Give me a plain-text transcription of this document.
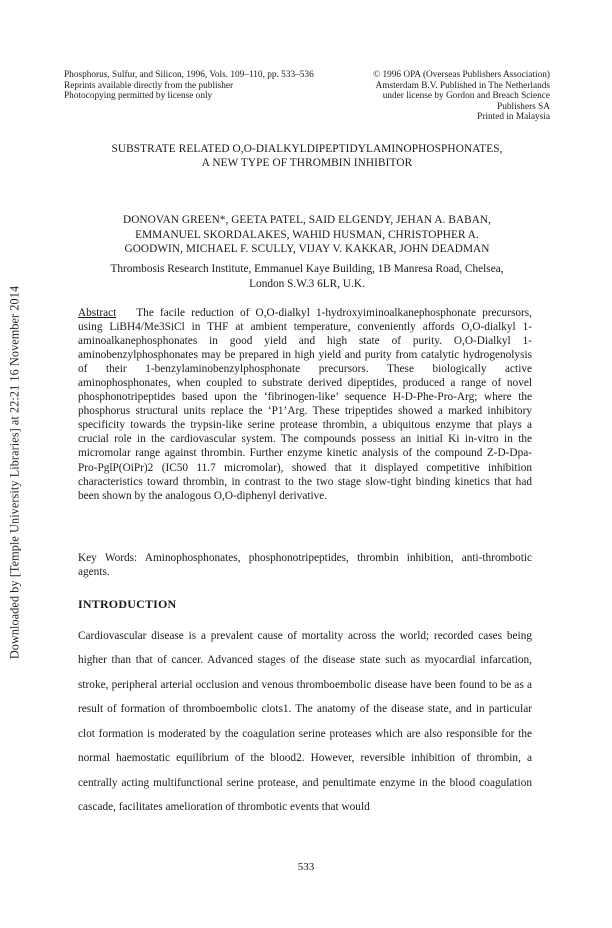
Downloaded by [Temple University Libraries] at 22:21 16 November 2014
Phosphorus, Sulfur, and Silicon, 1996, Vols. 109–110, pp. 533–536
Reprints available directly from the publisher
Photocopying permitted by license only
© 1996 OPA (Overseas Publishers Association)
Amsterdam B.V. Published in The Netherlands
under license by Gordon and Breach Science
Publishers SA
Printed in Malaysia
SUBSTRATE RELATED O,O-DIALKYLDIPEPTIDYLAMINOPHOSPHONATES,
A NEW TYPE OF THROMBIN INHIBITOR
DONOVAN GREEN*, GEETA PATEL, SAID ELGENDY, JEHAN A. BABAN,
EMMANUEL SKORDALAKES, WAHID HUSMAN, CHRISTOPHER A.
GOODWIN, MICHAEL F. SCULLY, VIJAY V. KAKKAR, JOHN DEADMAN
Thrombosis Research Institute, Emmanuel Kaye Building, 1B Manresa Road, Chelsea,
London S.W.3 6LR, U.K.
Abstract The facile reduction of O,O-dialkyl 1-hydroxyiminoalkanephosphonate precursors, using LiBH4/Me3SiCl in THF at ambient temperature, conveniently affords O,O-dialkyl 1-aminoalkanephosphonates in good yield and high state of purity. O,O-Dialkyl 1-aminobenzylphosphonates may be prepared in high yield and purity from catalytic hydrogenolysis of their 1-benzylaminobenzylphosphonate precursors. These biologically active aminophosphonates, when coupled to substrate derived dipeptides, produced a range of novel phosphonotripeptides based upon the ‘fibrinogen-like’ sequence H-D-Phe-Pro-Arg; where the phosphorus structural units replace the ‘P1’Arg. These tripeptides showed a marked inhibitory specificity towards the trypsin-like serine protease thrombin, a ubiquitous enzyme that plays a crucial role in the cardiovascular system. The compounds possess an initial Ki in-vitro in the micromolar range against thrombin. Further enzyme kinetic analysis of the compound Z-D-Dpa-Pro-PglP(OiPr)2 (IC50 11.7 micromolar), showed that it displayed competitive inhibition characteristics toward thrombin, in contrast to the two stage slow-tight binding kinetics that had been shown by the analogous O,O-diphenyl derivative.
Key Words: Aminophosphonates, phosphonotripeptides, thrombin inhibition, anti-thrombotic agents.
INTRODUCTION
Cardiovascular disease is a prevalent cause of mortality across the world; recorded cases being higher than that of cancer. Advanced stages of the disease state such as myocardial infarcation, stroke, peripheral arterial occlusion and venous thromboembolic disease have been found to be as a result of formation of thromboembolic clots1. The anatomy of the disease state, and in particular clot formation is moderated by the coagulation serine proteases which are also responsible for the normal haemostatic equilibrium of the blood2. However, reversible inhibition of thrombin, a centrally acting multifunctional serine protease, and penultimate enzyme in the blood coagulation cascade, facilitates amelioration of thrombotic events that would
533
